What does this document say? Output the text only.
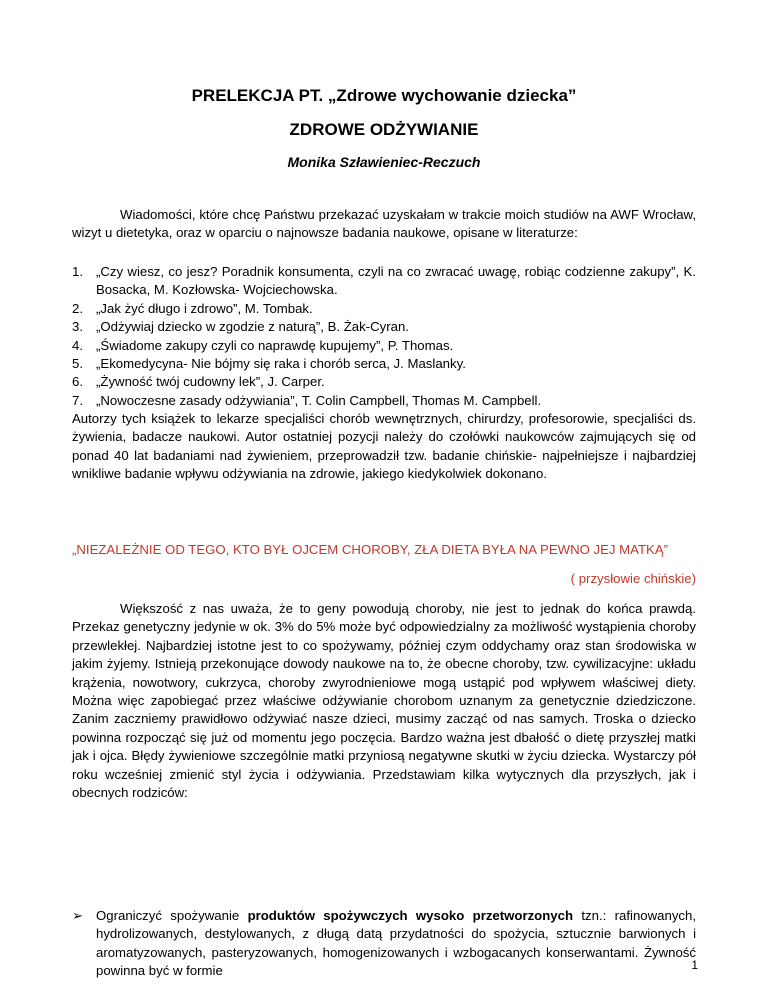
PRELEKCJA PT. „Zdrowe wychowanie dziecka”
ZDROWE ODŻYWIANIE

Monika Szławieniec-Reczuch

Wiadomości, które chcę Państwu przekazać uzyskałam w trakcie moich studiów na AWF Wrocław, wizyt u dietetyka, oraz w oparciu o najnowsze badania naukowe, opisane w literaturze:

1. „Czy wiesz, co jesz? Poradnik konsumenta, czyli na co zwracać uwagę, robiąc codzienne zakupy”, K. Bosacka, M. Kozłowska- Wojciechowska.
2. „Jak żyć długo i zdrowo”, M. Tombak.
3. „Odżywiaj dziecko w zgodzie z naturą”, B. Żak-Cyran.
4. „Świadome zakupy czyli co naprawdę kupujemy”, P. Thomas.
5. „Ekomedycyna- Nie bójmy się raka i chorób serca, J. Maslanky.
6. „Żywność twój cudowny lek”, J. Carper.
7. „Nowoczesne zasady odżywiania”, T. Colin Campbell, Thomas M. Campbell.

Autorzy tych książek to lekarze specjaliści chorób wewnętrznych, chirurdzy, profesorowie, specjaliści ds. żywienia, badacze naukowi. Autor ostatniej pozycji należy do czołówki naukowców zajmujących się od ponad 40 lat badaniami nad żywieniem, przeprowadził tzw. badanie chińskie- najpełniejsze i najbardziej wnikliwe badanie wpływu odżywiania na zdrowie, jakiego kiedykolwiek dokonano.

„NIEZALEŻNIE OD TEGO, KTO BYŁ OJCEM CHOROBY, ZŁA DIETA BYŁA NA PEWNO JEJ MATKĄ”

( przysłowie chińskie)

Większość z nas uważa, że to geny powodują choroby, nie jest to jednak do końca prawdą. Przekaz genetyczny jedynie w ok. 3% do 5% może być odpowiedzialny za możliwość wystąpienia choroby przewlekłej. Najbardziej istotne jest to co spożywamy, później czym oddychamy oraz stan środowiska w jakim żyjemy. Istnieją przekonujące dowody naukowe na to, że obecne choroby, tzw. cywilizacyjne: układu krążenia, nowotwory, cukrzyca, choroby zwyrodnieniowe mogą ustąpić pod wpływem właściwej diety. Można więc zapobiegać przez właściwe odżywianie chorobom uznanym za genetycznie dziedziczone. Zanim zaczniemy prawidłowo odżywiać nasze dzieci, musimy zacząć od nas samych. Troska o dziecko powinna rozpocząć się już od momentu jego poczęcia. Bardzo ważna jest dbałość o dietę przyszłej matki jak i ojca. Błędy żywieniowe szczególnie matki przyniosą negatywne skutki w życiu dziecka. Wystarczy pół roku wcześniej zmienić styl życia i odżywiania. Przedstawiam kilka wytycznych dla przyszłych, jak i obecnych rodziców:

➢ Ograniczyć spożywanie produktów spożywczych wysoko przetworzonych tzn.: rafinowanych, hydrolizowanych, destylowanych, z długą datą przydatności do spożycia, sztucznie barwionych i aromatyzowanych, pasteryzowanych, homogenizowanych i wzbogacanych konserwantami. Żywność powinna być w formie	1
